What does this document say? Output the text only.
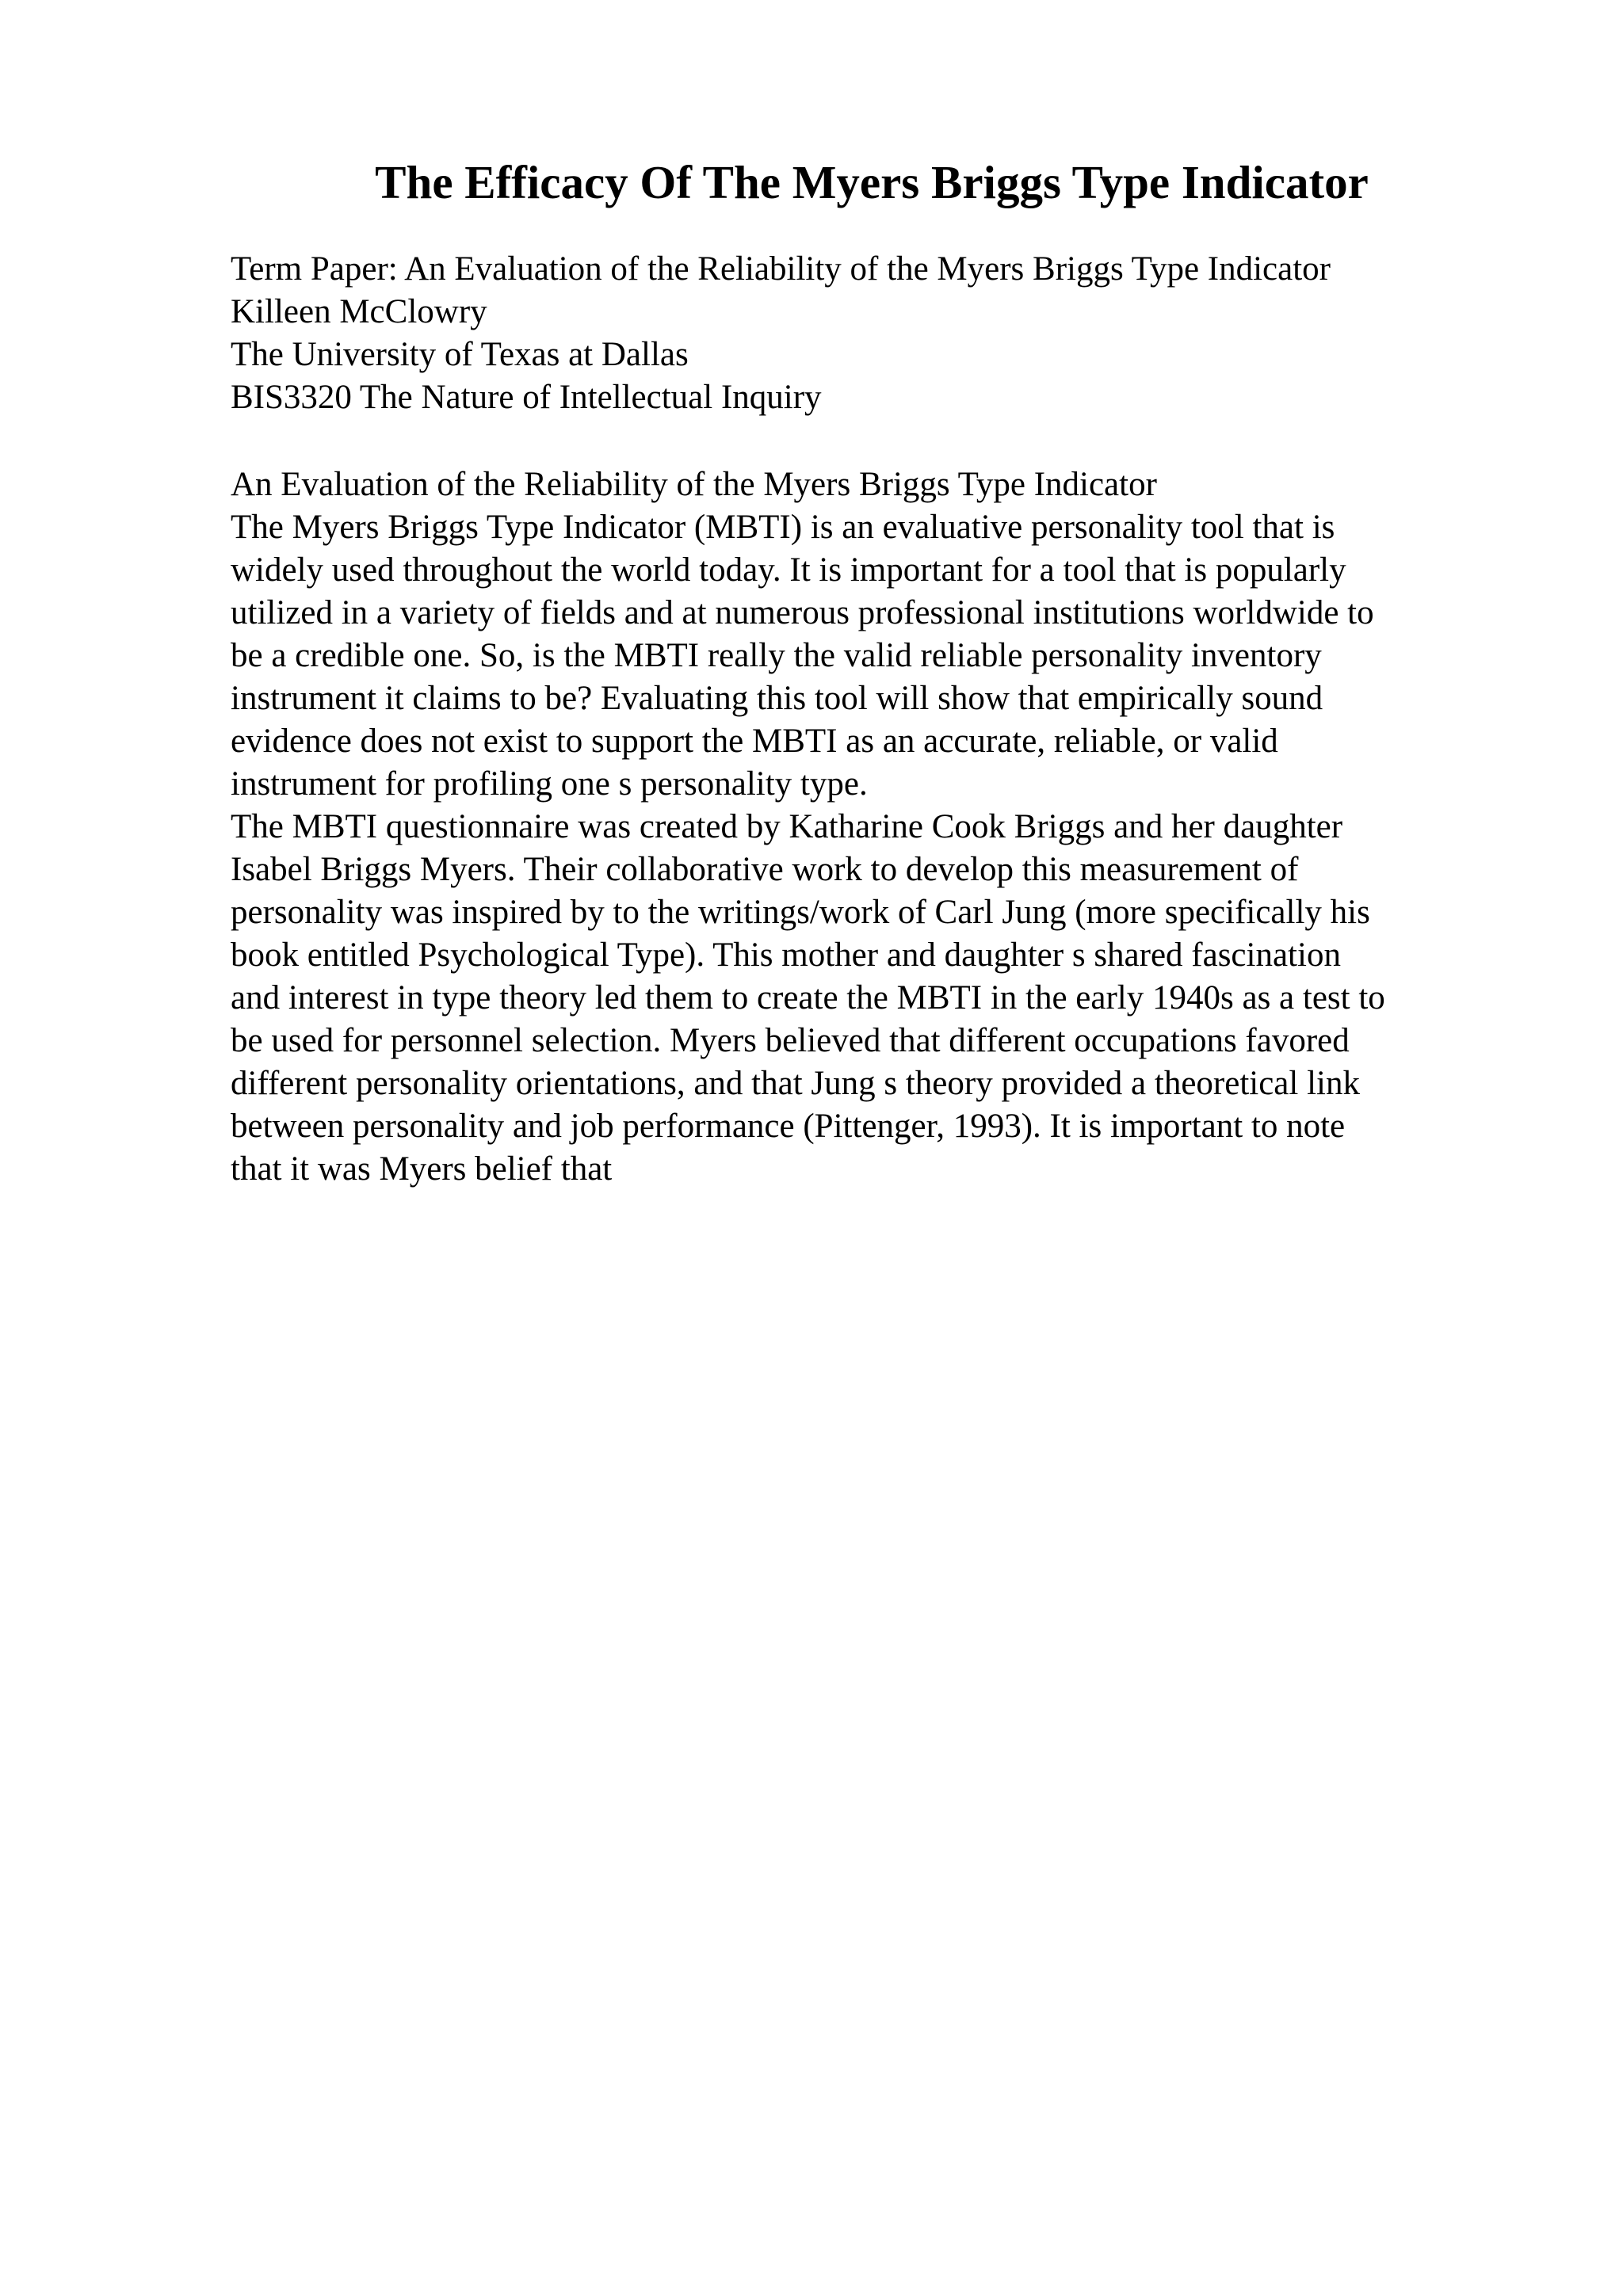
The Efficacy Of The Myers Briggs Type Indicator
Term Paper: An Evaluation of the Reliability of the Myers Briggs Type Indicator
Killeen McClowry
The University of Texas at Dallas
BIS3320 The Nature of Intellectual Inquiry
An Evaluation of the Reliability of the Myers Briggs Type Indicator
The Myers Briggs Type Indicator (MBTI) is an evaluative personality tool that is
widely used throughout the world today. It is important for a tool that is popularly
utilized in a variety of fields and at numerous professional institutions worldwide to
be a credible one. So, is the MBTI really the valid reliable personality inventory
instrument it claims to be? Evaluating this tool will show that empirically sound
evidence does not exist to support the MBTI as an accurate, reliable, or valid
instrument for profiling one s personality type.
The MBTI questionnaire was created by Katharine Cook Briggs and her daughter
Isabel Briggs Myers. Their collaborative work to develop this measurement of
personality was inspired by to the writings/work of Carl Jung (more specifically his
book entitled Psychological Type). This mother and daughter s shared fascination
and interest in type theory led them to create the MBTI in the early 1940s as a test to
be used for personnel selection. Myers believed that different occupations favored
different personality orientations, and that Jung s theory provided a theoretical link
between personality and job performance (Pittenger, 1993). It is important to note
that it was Myers belief that
